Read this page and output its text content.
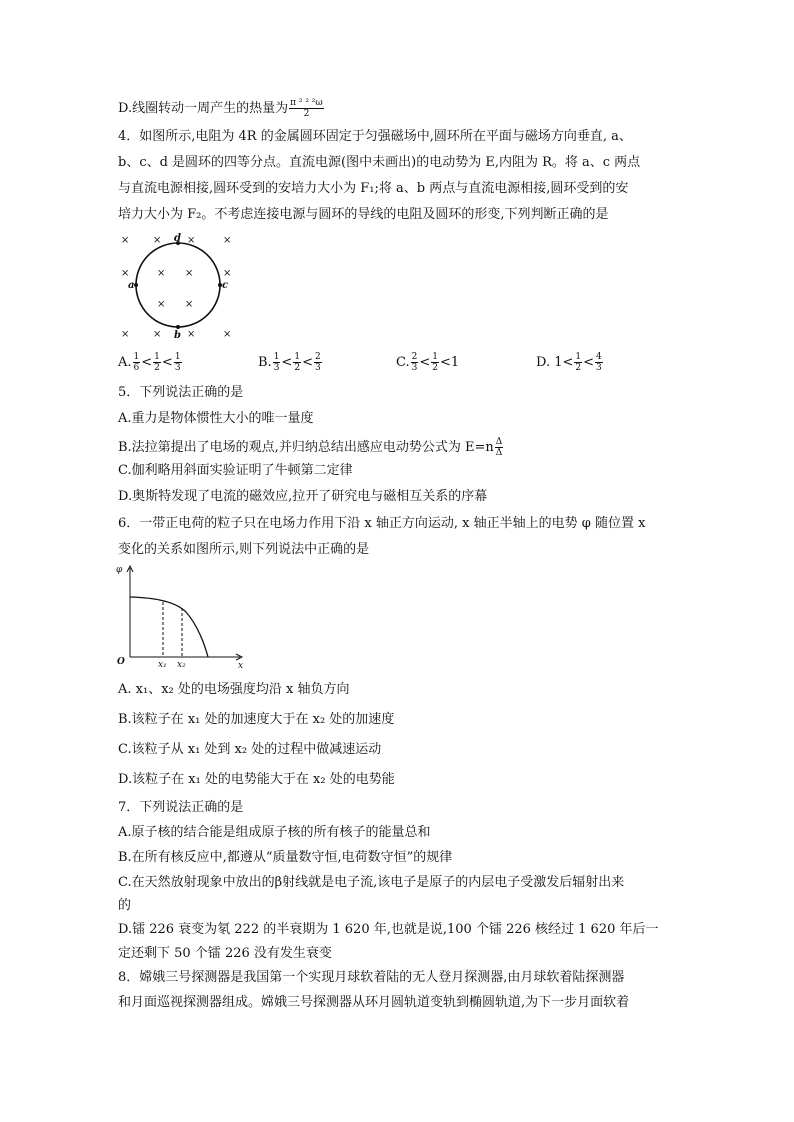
D.线圈转动一周产生的热量为 $\frac{\text{π ² ² ²ω}}{2}$
4．如图所示,电阻为 4R 的金属圆环固定于匀强磁场中,圆环所在平面与磁场方向垂直, a、
b、c、d 是圆环的四等分点。直流电源(图中未画出)的电动势为 E,内阻为 R。将 a、c 两点
与直流电源相接,圆环受到的安培力大小为 F₁;将 a、b 两点与直流电源相接,圆环受到的安
培力大小为 F₂。不考虑连接电源与圆环的导线的电阻及圆环的形变,下列判断正确的是
× ×	×	×
×	× ×	×
× ×
× ×	×	×
a	c
d
b
A. $\frac{1}{6} < \frac{1}{2} < \frac{1}{3}$	B. $\frac{1}{3} < \frac{1}{2} < \frac{2}{3}$	C. $\frac{2}{3} < \frac{1}{2} <1$	D. $1< \frac{1}{2} < \frac{4}{3}$
5．下列说法正确的是
A.重力是物体惯性大小的唯一量度
B.法拉第提出了电场的观点,并归纳总结出感应电动势公式为 $E=n \frac{\Delta}{\Delta}$
C.伽利略用斜面实验证明了牛顿第二定律
D.奥斯特发现了电流的磁效应,拉开了研究电与磁相互关系的序幕
6．一带正电荷的粒子只在电场力作用下沿 x 轴正方向运动, x 轴正半轴上的电势 φ 随位置 x
变化的关系如图所示,则下列说法中正确的是
φ
x
O	x₁ x₂
A. x₁、x₂ 处的电场强度均沿 x 轴负方向
B.该粒子在 x₁ 处的加速度大于在 x₂ 处的加速度
C.该粒子从 x₁ 处到 x₂ 处的过程中做减速运动
D.该粒子在 x₁ 处的电势能大于在 x₂ 处的电势能
7．下列说法正确的是
A.原子核的结合能是组成原子核的所有核子的能量总和
B.在所有核反应中,都遵从“质量数守恒,电荷数守恒”的规律
C.在天然放射现象中放出的β射线就是电子流,该电子是原子的内层电子受激发后辐射出来
的
D.镭 226 衰变为氡 222 的半衰期为 1 620 年,也就是说,100 个镭 226 核经过 1 620 年后一
定还剩下 50 个镭 226 没有发生衰变
8．嫦娥三号探测器是我国第一个实现月球软着陆的无人登月探测器,由月球软着陆探测器
和月面巡视探测器组成。嫦娥三号探测器从环月圆轨道变轨到椭圆轨道,为下一步月面软着
